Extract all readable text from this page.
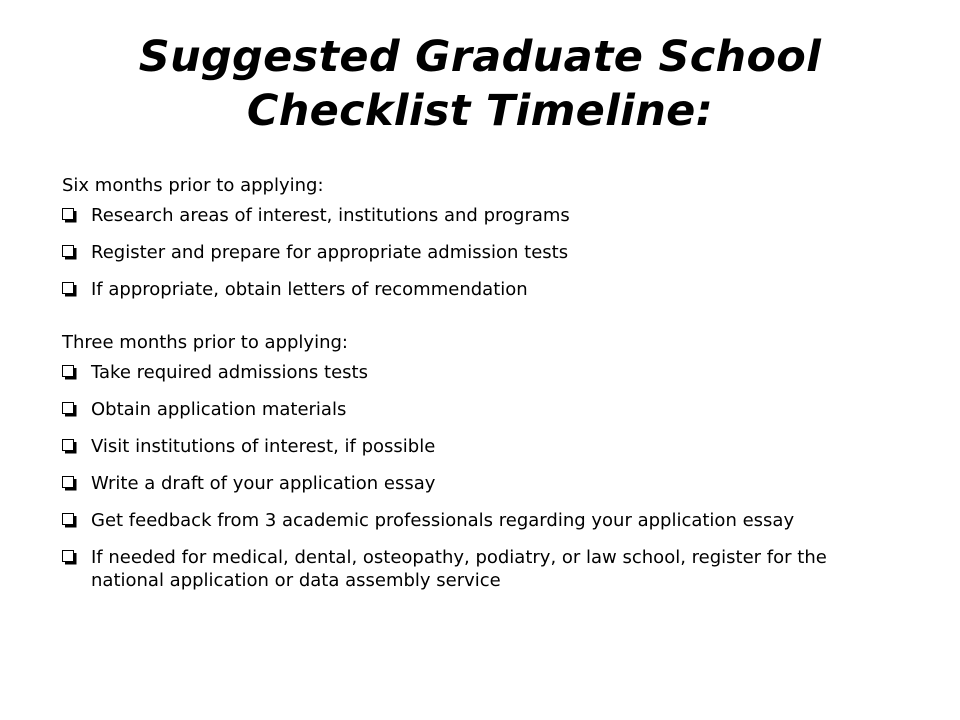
Suggested Graduate School
Checklist Timeline:
Six months prior to applying:
Research areas of interest, institutions and programs
Register and prepare for appropriate admission tests
If appropriate, obtain letters of recommendation
Three months prior to applying:
Take required admissions tests
Obtain application materials
Visit institutions of interest, if possible
Write a draft of your application essay
Get feedback from 3 academic professionals regarding your application essay
If needed for medical, dental, osteopathy, podiatry, or law school, register for the national application or data assembly service
